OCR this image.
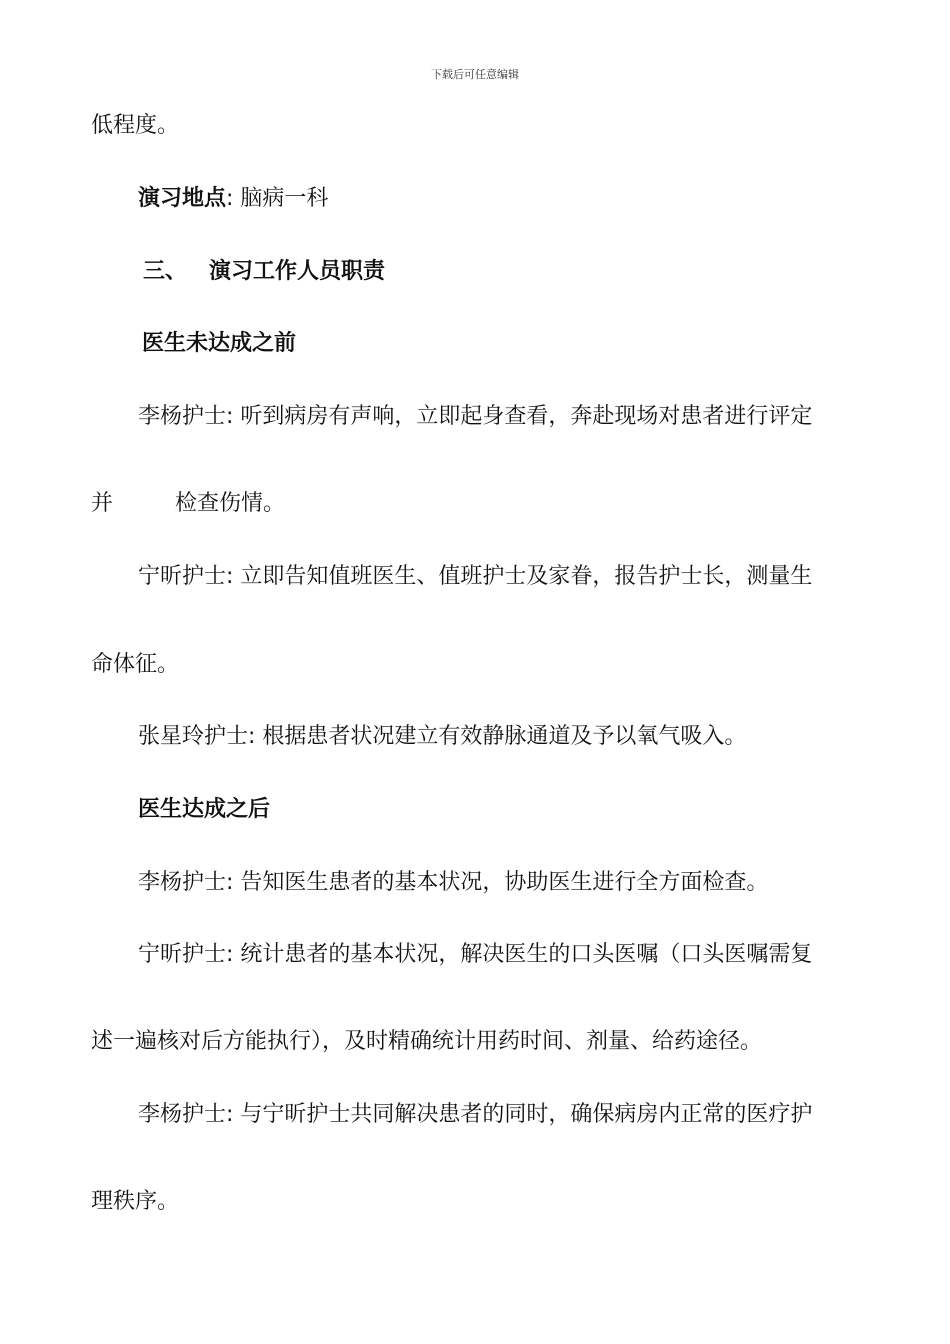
下载后可任意编辑
低程度。
演习地点: 脑病一科
三、 演习工作人员职责
医生未达成之前
李杨护士: 听到病房有声响，立即起身查看，奔赴现场对患者进行评定
并	检查伤情。
宁昕护士: 立即告知值班医生、值班护士及家眷，报告护士长，测量生
命体征。
张星玲护士: 根据患者状况建立有效静脉通道及予以氧气吸入。
医生达成之后
李杨护士: 告知医生患者的基本状况，协助医生进行全方面检查。
宁昕护士: 统计患者的基本状况，解决医生的口头医嘱（口头医嘱需复
述一遍核对后方能执行），及时精确统计用药时间、剂量、给药途径。
李杨护士: 与宁昕护士共同解决患者的同时，确保病房内正常的医疗护
理秩序。
